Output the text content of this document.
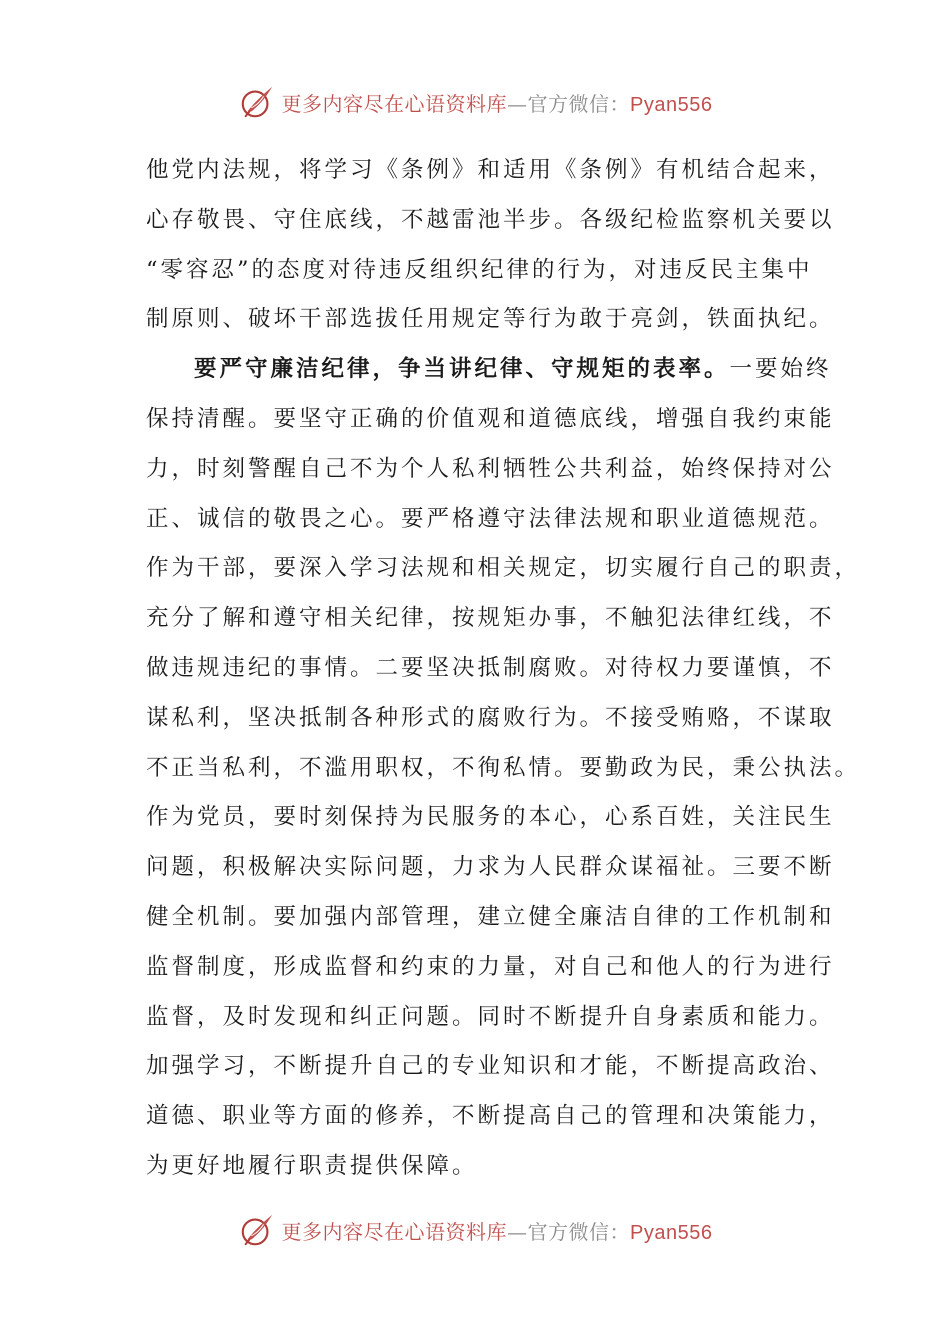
更多内容尽在心语资料库—官方微信：Pyan556
他党内法规，将学习《条例》和适用《条例》有机结合起来，
心存敬畏、守住底线，不越雷池半步。各级纪检监察机关要以
“零容忍”的态度对待违反组织纪律的行为，对违反民主集中
制原则、破坏干部选拔任用规定等行为敢于亮剑，铁面执纪。
要严守廉洁纪律，争当讲纪律、守规矩的表率。一要始终
保持清醒。要坚守正确的价值观和道德底线，增强自我约束能
力，时刻警醒自己不为个人私利牺牲公共利益，始终保持对公
正、诚信的敬畏之心。要严格遵守法律法规和职业道德规范。
作为干部，要深入学习法规和相关规定，切实履行自己的职责，
充分了解和遵守相关纪律，按规矩办事，不触犯法律红线，不
做违规违纪的事情。二要坚决抵制腐败。对待权力要谨慎，不
谋私利，坚决抵制各种形式的腐败行为。不接受贿赂，不谋取
不正当私利，不滥用职权，不徇私情。要勤政为民，秉公执法。
作为党员，要时刻保持为民服务的本心，心系百姓，关注民生
问题，积极解决实际问题，力求为人民群众谋福祉。三要不断
健全机制。要加强内部管理，建立健全廉洁自律的工作机制和
监督制度，形成监督和约束的力量，对自己和他人的行为进行
监督，及时发现和纠正问题。同时不断提升自身素质和能力。
加强学习，不断提升自己的专业知识和才能，不断提高政治、
道德、职业等方面的修养，不断提高自己的管理和决策能力，
为更好地履行职责提供保障。
更多内容尽在心语资料库—官方微信：Pyan556
